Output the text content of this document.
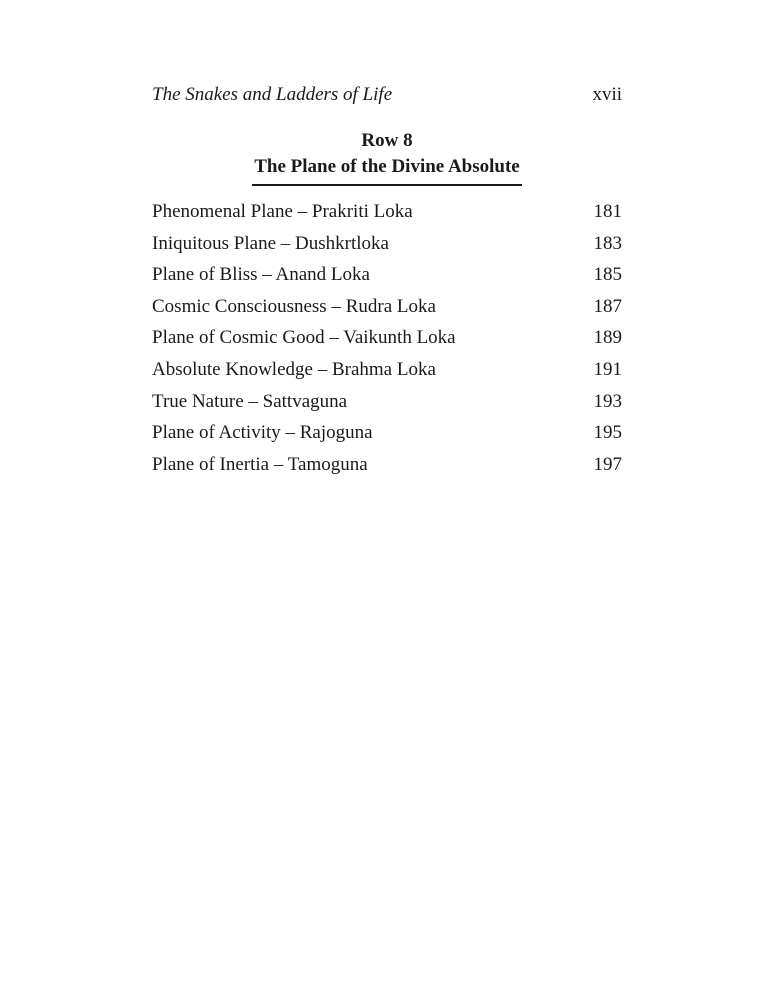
The Snakes and Ladders of Life	xvii
Row 8
The Plane of the Divine Absolute
Phenomenal Plane – Prakriti Loka	181
Iniquitous Plane – Dushkrtloka	183
Plane of Bliss – Anand Loka	185
Cosmic Consciousness – Rudra Loka	187
Plane of Cosmic Good – Vaikunth Loka	189
Absolute Knowledge – Brahma Loka	191
True Nature – Sattvaguna	193
Plane of Activity – Rajoguna	195
Plane of Inertia – Tamoguna	197
